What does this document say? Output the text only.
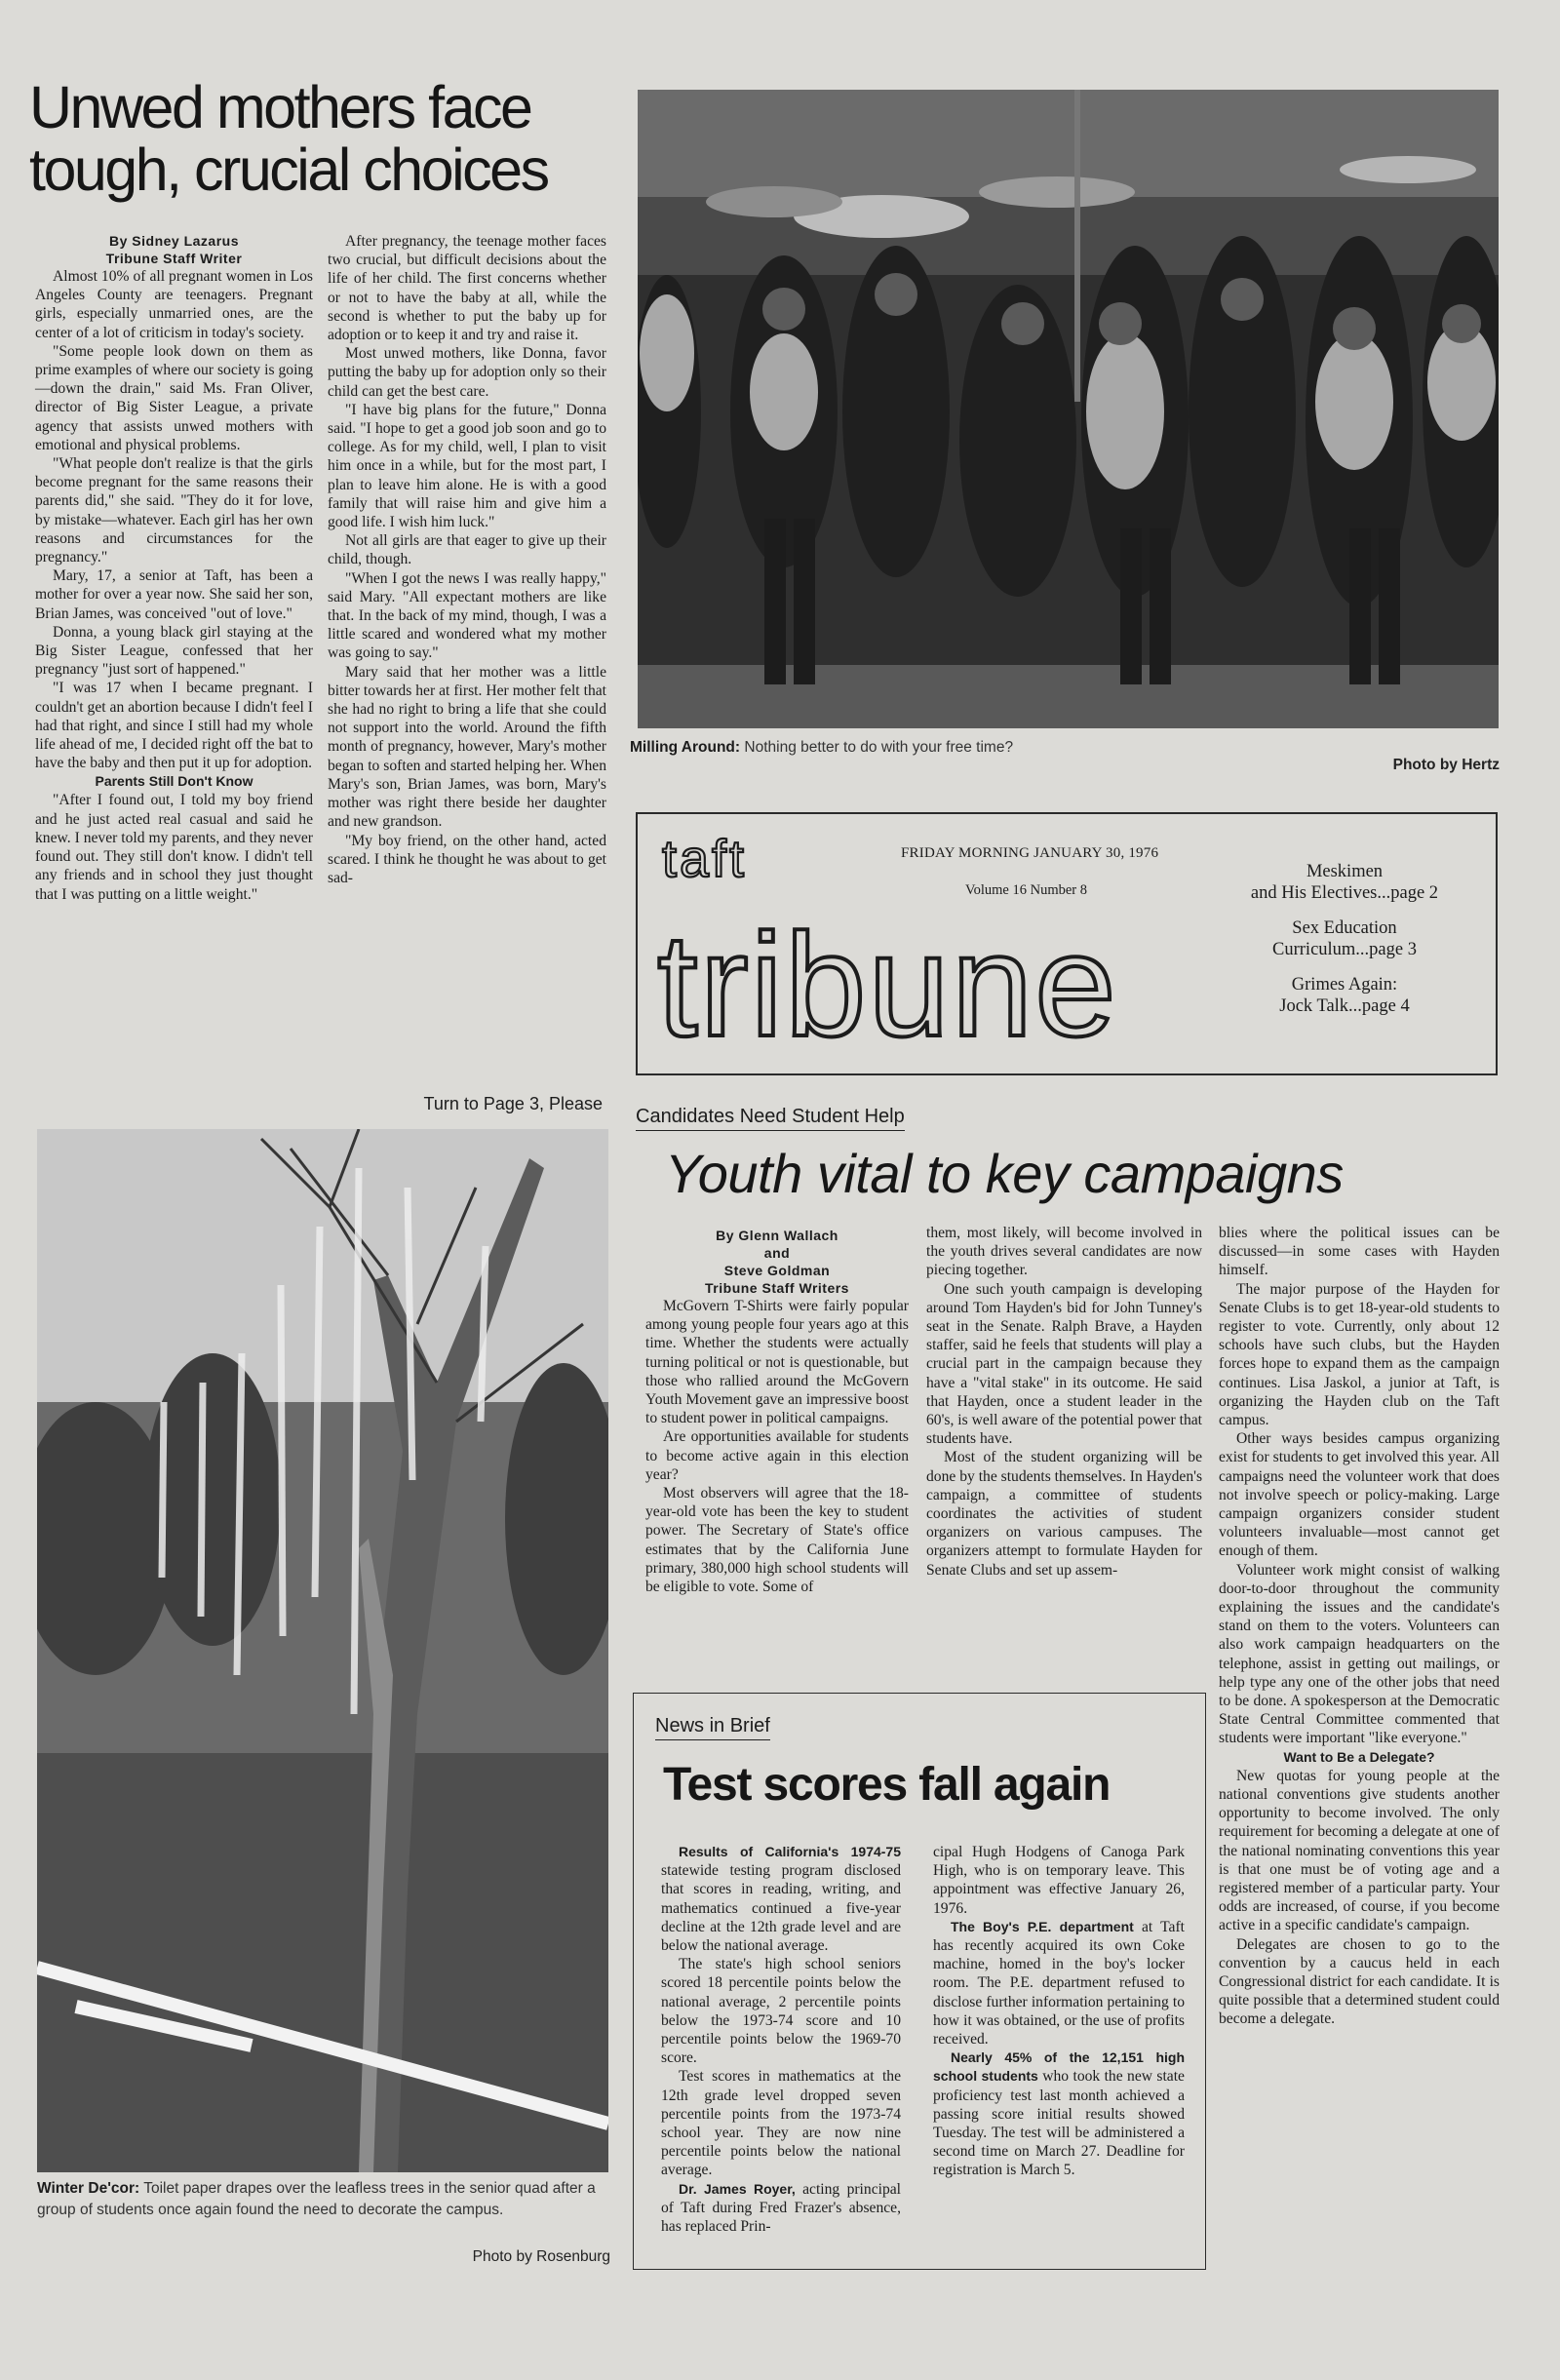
Unwed mothers face
tough, crucial choices
By Sidney Lazarus
Tribune Staff Writer

Almost 10% of all pregnant women in Los Angeles County are teenagers. Pregnant girls, especially unmarried ones, are the center of a lot of criticism in today's society.

"Some people look down on them as prime examples of where our society is going—down the drain," said Ms. Fran Oliver, director of Big Sister League, a private agency that assists unwed mothers with emotional and physical problems.

"What people don't realize is that the girls become pregnant for the same reasons their parents did," she said. "They do it for love, by mistake—whatever. Each girl has her own reasons and circumstances for the pregnancy."

Mary, 17, a senior at Taft, has been a mother for over a year now. She said her son, Brian James, was conceived "out of love."

Donna, a young black girl staying at the Big Sister League, confessed that her pregnancy "just sort of happened."

"I was 17 when I became pregnant. I couldn't get an abortion because I didn't feel I had that right, and since I still had my whole life ahead of me, I decided right off the bat to have the baby and then put it up for adoption.

Parents Still Don't Know

"After I found out, I told my boy friend and he just acted real casual and said he knew. I never told my parents, and they never found out. They still don't know. I didn't tell any friends and in school they just thought that I was putting on a little weight."

After pregnancy, the teenage mother faces two crucial, but difficult decisions about the life of her child. The first concerns whether or not to have the baby at all, while the second is whether to put the baby up for adoption or to keep it and try and raise it.

Most unwed mothers, like Donna, favor putting the baby up for adoption only so their child can get the best care.

"I have big plans for the future," Donna said. "I hope to get a good job soon and go to college. As for my child, well, I plan to visit him once in a while, but for the most part, I plan to leave him alone. He is with a good family that will raise him and give him a good life. I wish him luck."

Not all girls are that eager to give up their child, though.

"When I got the news I was really happy," said Mary. "All expectant mothers are like that. In the back of my mind, though, I was a little scared and wondered what my mother was going to say."

Mary said that her mother was a little bitter towards her at first. Her mother felt that she had no right to bring a life that she could not support into the world. Around the fifth month of pregnancy, however, Mary's mother began to soften and started helping her. When Mary's son, Brian James, was born, Mary's mother was right there beside her daughter and new grandson.

"My boy friend, on the other hand, acted scared. I think he thought he was about to get sad-

Turn to Page 3, Please
Milling Around: Nothing better to do with your free time?
Photo by Hertz
taft
tribune
FRIDAY MORNING JANUARY 30, 1976
Volume 16 Number 8
Meskimen
and His Electives...page 2
Sex Education
Curriculum...page 3
Grimes Again:
Jock Talk...page 4
Winter De'cor: Toilet paper drapes over the leafless trees in the senior quad after a group of students once again found the need to decorate the campus.
Photo by Rosenburg
Candidates Need Student Help
Youth vital to key campaigns
By Glenn Wallach
and
Steve Goldman
Tribune Staff Writers

McGovern T-Shirts were fairly popular among young people four years ago at this time. Whether the students were actually turning political or not is questionable, but those who rallied around the McGovern Youth Movement gave an impressive boost to student power in political campaigns.

Are opportunities available for students to become active again in this election year?

Most observers will agree that the 18-year-old vote has been the key to student power. The Secretary of State's office estimates that by the California June primary, 380,000 high school students will be eligible to vote. Some of

them, most likely, will become involved in the youth drives several candidates are now piecing together.

One such youth campaign is developing around Tom Hayden's bid for John Tunney's seat in the Senate. Ralph Brave, a Hayden staffer, said he feels that students will play a crucial part in the campaign because they have a "vital stake" in its outcome. He said that Hayden, once a student leader in the 60's, is well aware of the potential power that students have.

Most of the student organizing will be done by the students themselves. In Hayden's campaign, a committee of students coordinates the activities of student organizers on various campuses. The organizers attempt to formulate Hayden for Senate Clubs and set up assem-

blies where the political issues can be discussed—in some cases with Hayden himself.

The major purpose of the Hayden for Senate Clubs is to get 18-year-old students to register to vote. Currently, only about 12 schools have such clubs, but the Hayden forces hope to expand them as the campaign continues. Lisa Jaskol, a junior at Taft, is organizing the Hayden club on the Taft campus.

Other ways besides campus organizing exist for students to get involved this year. All campaigns need the volunteer work that does not involve speech or policy-making. Large campaign organizers consider student volunteers invaluable—most cannot get enough of them.

Volunteer work might consist of walking door-to-door throughout the community explaining the issues and the candidate's stand on them to the voters. Volunteers can also work campaign headquarters on the telephone, assist in getting out mailings, or help type any one of the other jobs that need to be done. A spokesperson at the Democratic State Central Committee commented that students were important "like everyone."

Want to Be a Delegate?

New quotas for young people at the national conventions give students another opportunity to become involved. The only requirement for becoming a delegate at one of the national nominating conventions this year is that one must be of voting age and a registered member of a particular party. Your odds are increased, of course, if you become active in a specific candidate's campaign.

Delegates are chosen to go to the convention by a caucus held in each Congressional district for each candidate. It is quite possible that a determined student could become a delegate.

News in Brief
Test scores fall again

Results of California's 1974-75 statewide testing program disclosed that scores in reading, writing, and mathematics continued a five-year decline at the 12th grade level and are below the national average.

The state's high school seniors scored 18 percentile points below the national average, 2 percentile points below the 1973-74 score and 10 percentile points below the 1969-70 score.

Test scores in mathematics at the 12th grade level dropped seven percentile points from the 1973-74 school year. They are now nine percentile points below the national average.

Dr. James Royer, acting principal of Taft during Fred Frazer's absence, has replaced Prin-

cipal Hugh Hodgens of Canoga Park High, who is on temporary leave. This appointment was effective January 26, 1976.

The Boy's P.E. department at Taft has recently acquired its own Coke machine, homed in the boy's locker room. The P.E. department refused to disclose further information pertaining to how it was obtained, or the use of profits received.

Nearly 45% of the 12,151 high school students who took the new state proficiency test last month achieved a passing score initial results showed Tuesday. The test will be administered a second time on March 27. Deadline for registration is March 5.
